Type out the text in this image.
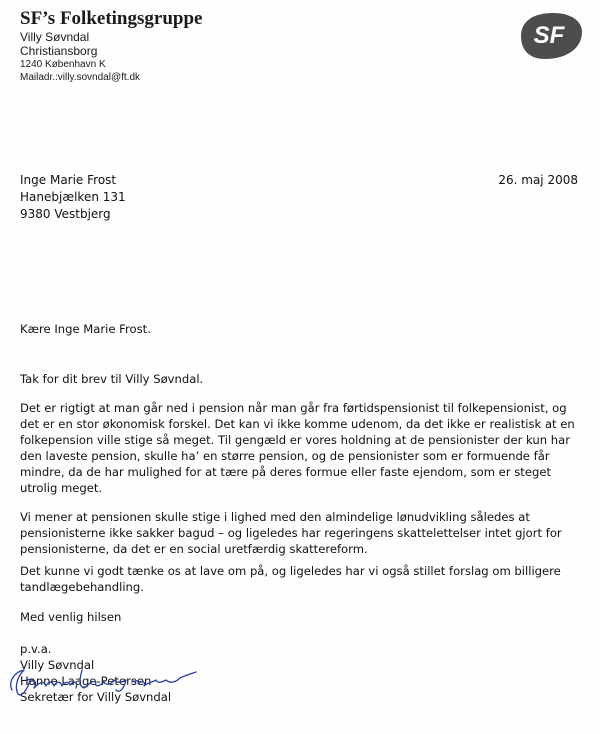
SF’s Folketingsgruppe

Villy Søvndal
Christiansborg
1240 København K
Mailadr.:villy.sovndal@ft.dk
SF
Inge Marie Frost
Hanebjælken 131
9380 Vestbjerg
26. maj 2008

Kære Inge Marie Frost.

Tak for dit brev til Villy Søvndal.

Det er rigtigt at man går ned i pension når man går fra førtidspensionist til folkepensionist, og det er en stor økonomisk forskel. Det kan vi ikke komme udenom, da det ikke er realistisk at en folkepension ville stige så meget. Til gengæld er vores holdning at de pensionister der kun har den laveste pension, skulle ha’ en større pension, og de pensionister som er formuende får mindre, da de har mulighed for at tære på deres formue eller faste ejendom, som er steget utrolig meget.

Vi mener at pensionen skulle stige i lighed med den almindelige lønudvikling således at pensionisterne ikke sakker bagud – og ligeledes har regeringens skattelettelser intet gjort for pensionisterne, da det er en social uretfærdig skattereform.

Det kunne vi godt tænke os at lave om på, og ligeledes har vi også stillet forslag om billigere tandlægebehandling.

Med venlig hilsen

p.v.a.
Villy Søvndal
Hanne Laage-Petersen
Sekretær for Villy Søvndal
